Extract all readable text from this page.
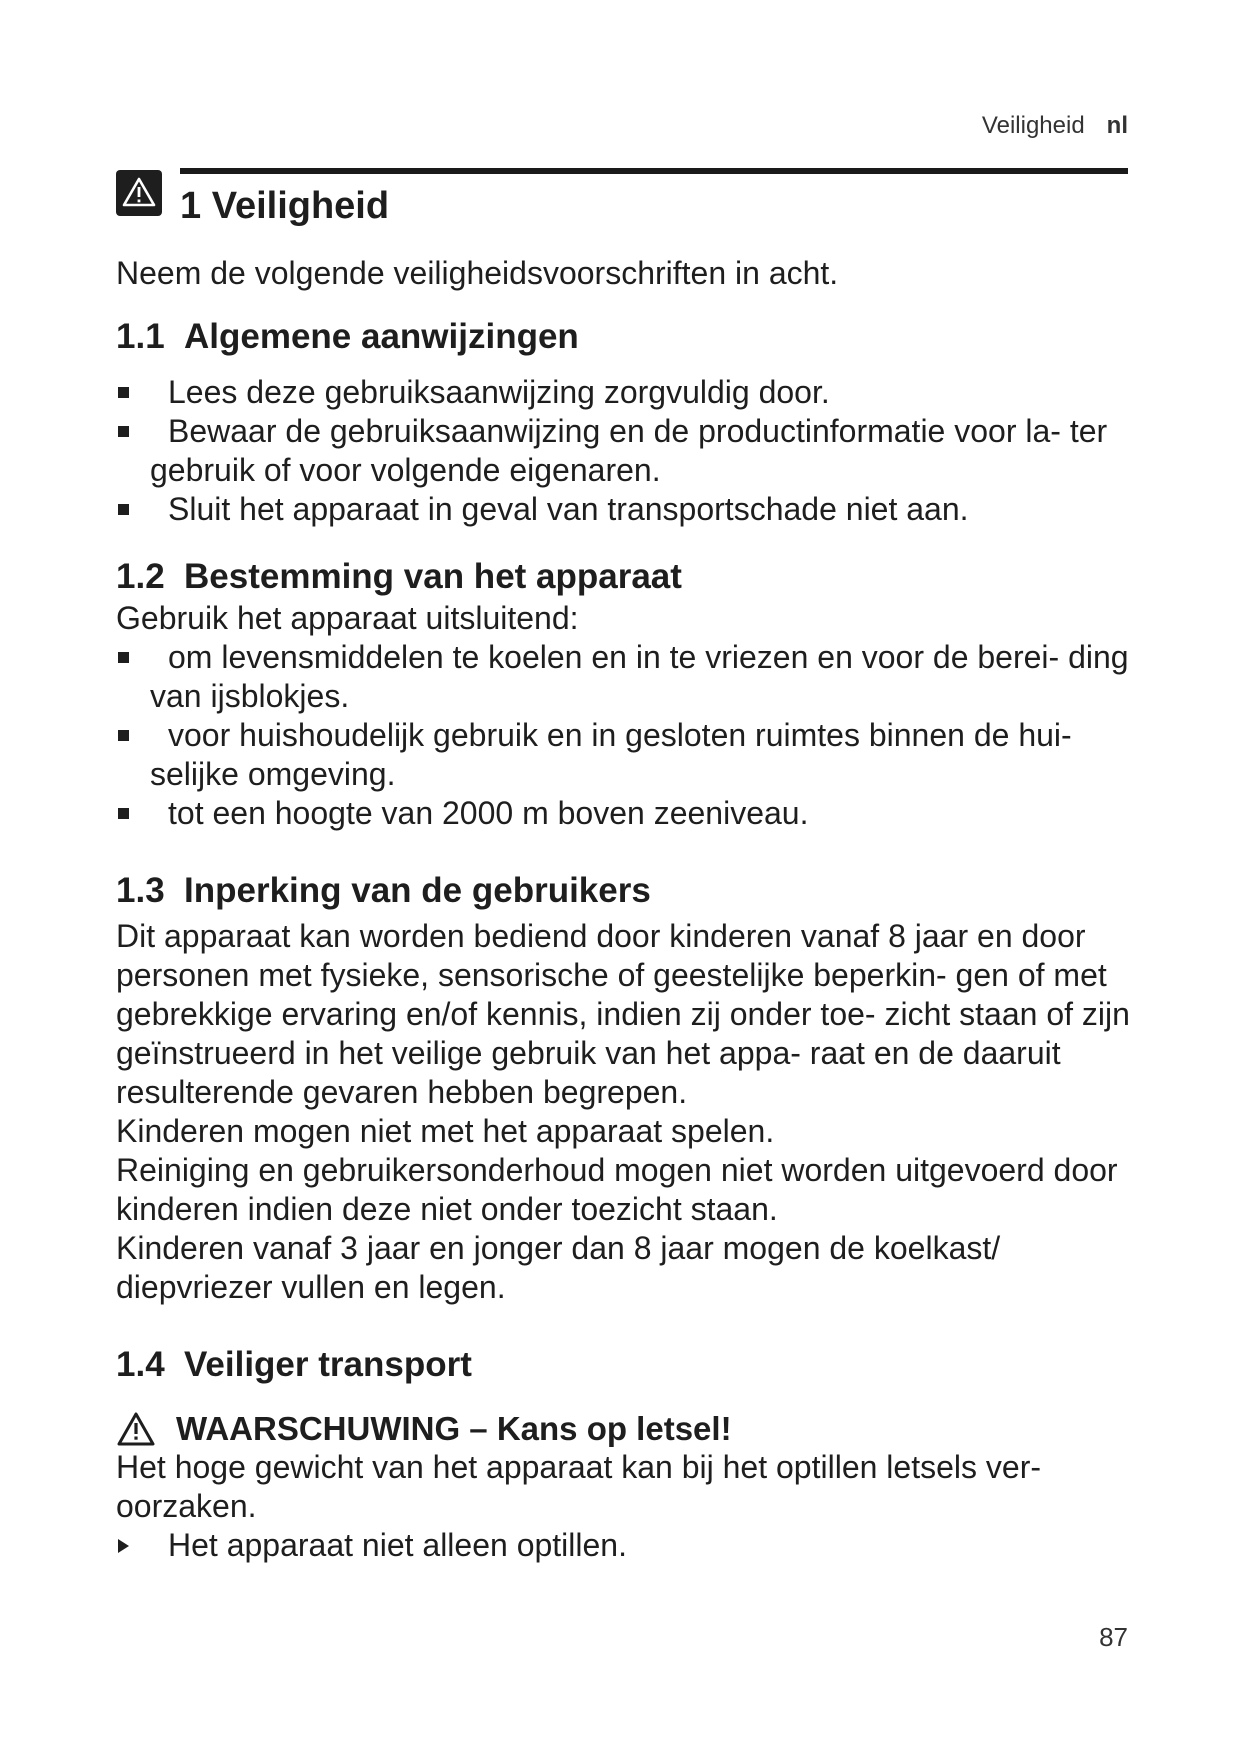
Veiligheid nl
1 Veiligheid

Neem de volgende veiligheidsvoorschriften in acht.

1.1 Algemene aanwijzingen
Lees deze gebruiksaanwijzing zorgvuldig door.
Bewaar de gebruiksaanwijzing en de productinformatie voor la- ter gebruik of voor volgende eigenaren.
Sluit het apparaat in geval van transportschade niet aan.
1.2 Bestemming van het apparaat

Gebruik het apparaat uitsluitend:

om levensmiddelen te koelen en in te vriezen en voor de berei- ding van ijsblokjes.
voor huishoudelijk gebruik en in gesloten ruimtes binnen de hui- selijke omgeving.
tot een hoogte van 2000 m boven zeeniveau.
1.3 Inperking van de gebruikers

Dit apparaat kan worden bediend door kinderen vanaf 8 jaar en door personen met fysieke, sensorische of geestelijke beperkin- gen of met gebrekkige ervaring en/of kennis, indien zij onder toe- zicht staan of zijn geïnstrueerd in het veilige gebruik van het appa- raat en de daaruit resulterende gevaren hebben begrepen.

Kinderen mogen niet met het apparaat spelen.

Reiniging en gebruikersonderhoud mogen niet worden uitgevoerd door kinderen indien deze niet onder toezicht staan.

Kinderen vanaf 3 jaar en jonger dan 8 jaar mogen de koelkast/ diepvriezer vullen en legen.

1.4 Veiliger transport

WAARSCHUWING – Kans op letsel!

Het hoge gewicht van het apparaat kan bij het optillen letsels ver- oorzaken.

Het apparaat niet alleen optillen.

87
